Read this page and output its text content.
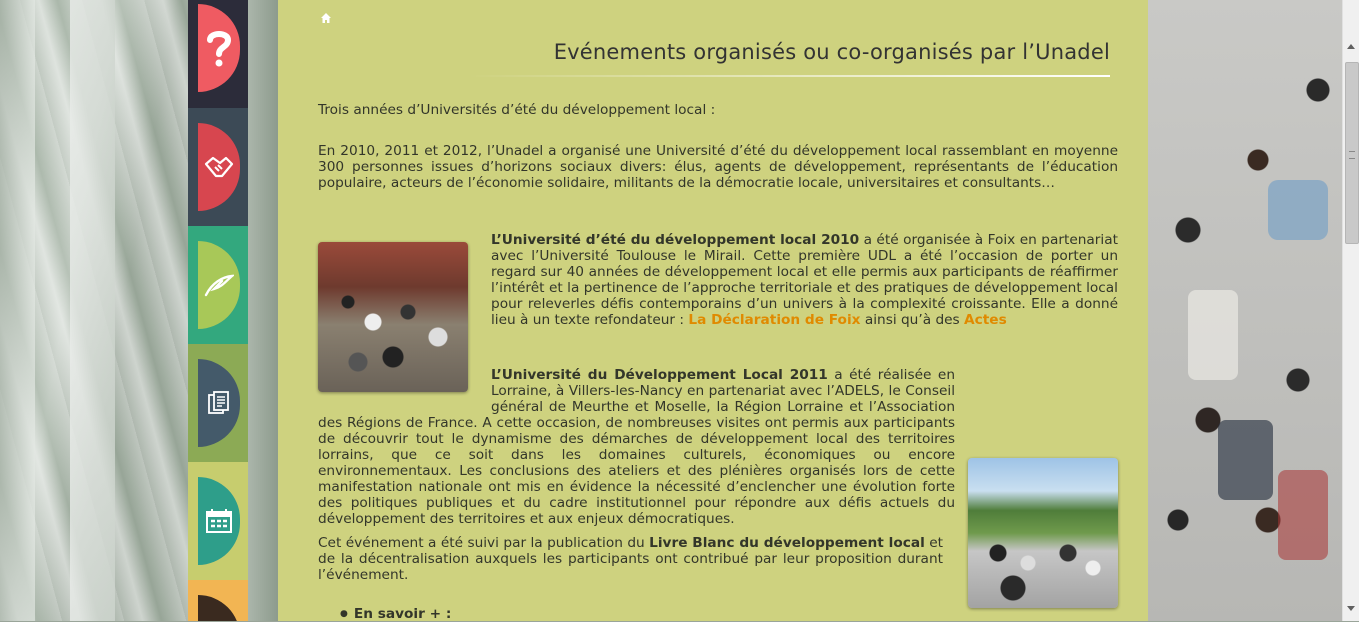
Evénements organisés ou co-organisés par l’Unadel
Trois années d’Universités d’été du développement local :
En 2010, 2011 et 2012, l’Unadel a organisé une Université d’été du développement local rassemblant en moyenne 300 personnes issues d’horizons sociaux divers: élus, agents de développement, représentants de l’éducation populaire, acteurs de l’économie solidaire, militants de la démocratie locale, universitaires et consultants…
L’Université d’été du développement local 2010 a été organisée à Foix en partenariat avec l’Université Toulouse le Mirail. Cette première UDL a été l’occasion de porter un regard sur 40 années de développement local et elle permis aux participants de réaffirmer l’intérêt et la pertinence de l’approche territoriale et des pratiques de développement local pour releverles défis contemporains d’un univers à la complexité croissante. Elle a donné lieu à un texte refondateur : La Déclaration de Foix ainsi qu’à des Actes
L’Université du Développement Local 2011 a été réalisée en Lorraine, à Villers-les-Nancy en partenariat avec l’ADELS, le Conseil général de Meurthe et Moselle, la Région Lorraine et l’Association des Régions de France. A cette occasion, de nombreuses visites ont permis aux participants de découvrir tout le dynamisme des démarches de développement local des territoires lorrains, que ce soit dans les domaines culturels, économiques ou encore environnementaux. Les conclusions des ateliers et des plénières organisés lors de cette manifestation nationale ont mis en évidence la nécessité d’enclencher une évolution forte des politiques publiques et du cadre institutionnel pour répondre aux défis actuels du développement des territoires et aux enjeux démocratiques.
Cet événement a été suivi par la publication du Livre Blanc du développement local et de la décentralisation auxquels les participants ont contribué par leur proposition durant l’événement.
● En savoir + :
